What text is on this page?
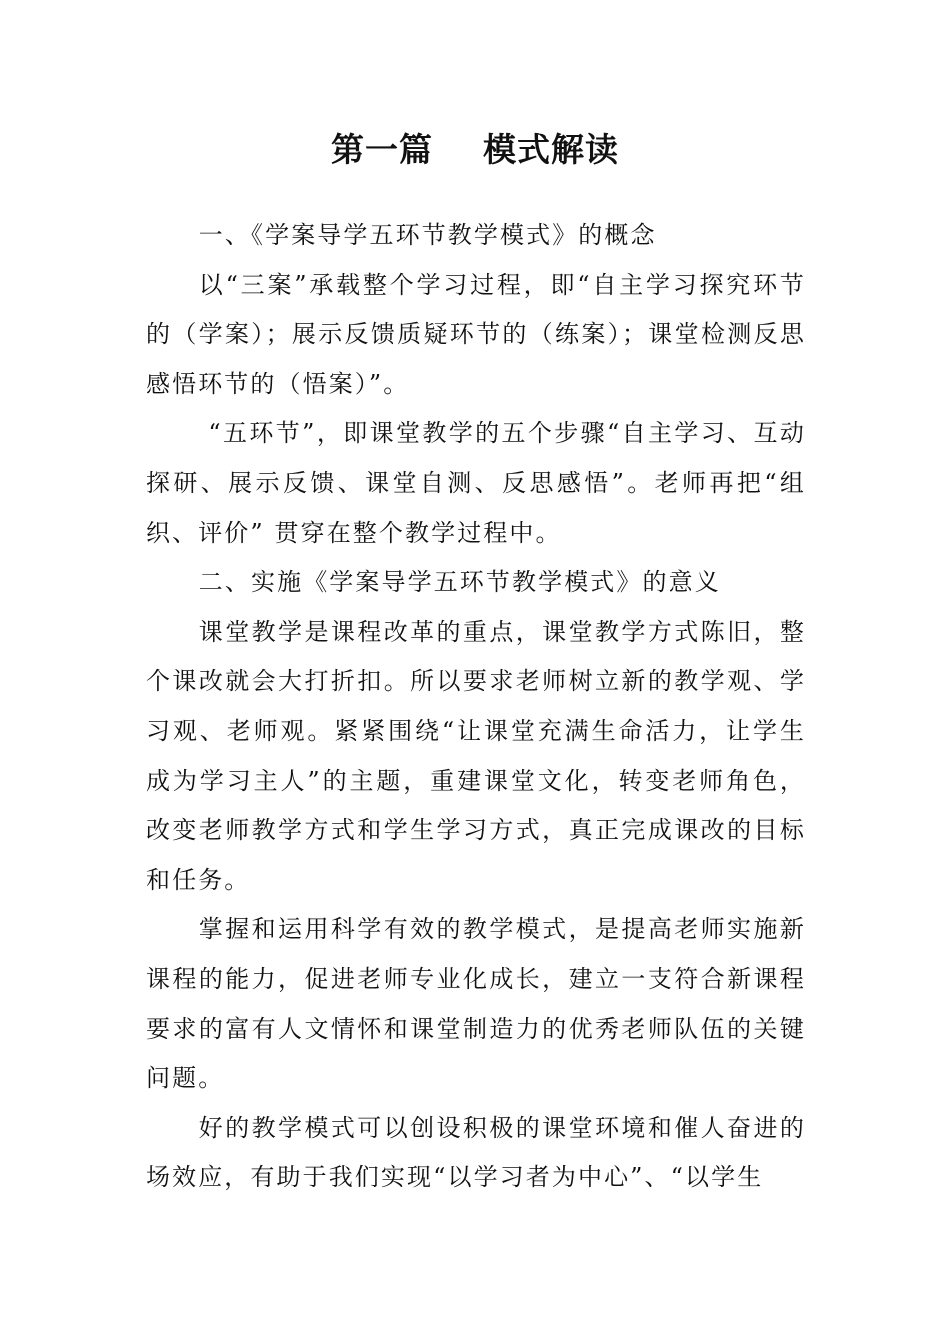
第一篇    模式解读

一、《学案导学五环节教学模式》的概念

以“三案”承载整个学习过程，即“自主学习探究环节的（学案）；展示反馈质疑环节的（练案）；课堂检测反思感悟环节的（悟案）”。

“五环节”，即课堂教学的五个步骤“自主学习、互动探研、展示反馈、课堂自测、反思感悟”。老师再把“组织、评价” 贯穿在整个教学过程中。

二、实施《学案导学五环节教学模式》的意义

课堂教学是课程改革的重点，课堂教学方式陈旧，整个课改就会大打折扣。所以要求老师树立新的教学观、学习观、老师观。紧紧围绕“让课堂充满生命活力，让学生成为学习主人”的主题，重建课堂文化，转变老师角色，改变老师教学方式和学生学习方式，真正完成课改的目标和任务。

掌握和运用科学有效的教学模式，是提高老师实施新课程的能力，促进老师专业化成长，建立一支符合新课程要求的富有人文情怀和课堂制造力的优秀老师队伍的关键问题。

好的教学模式可以创设积极的课堂环境和催人奋进的场效应，有助于我们实现“以学习者为中心”、“以学生
